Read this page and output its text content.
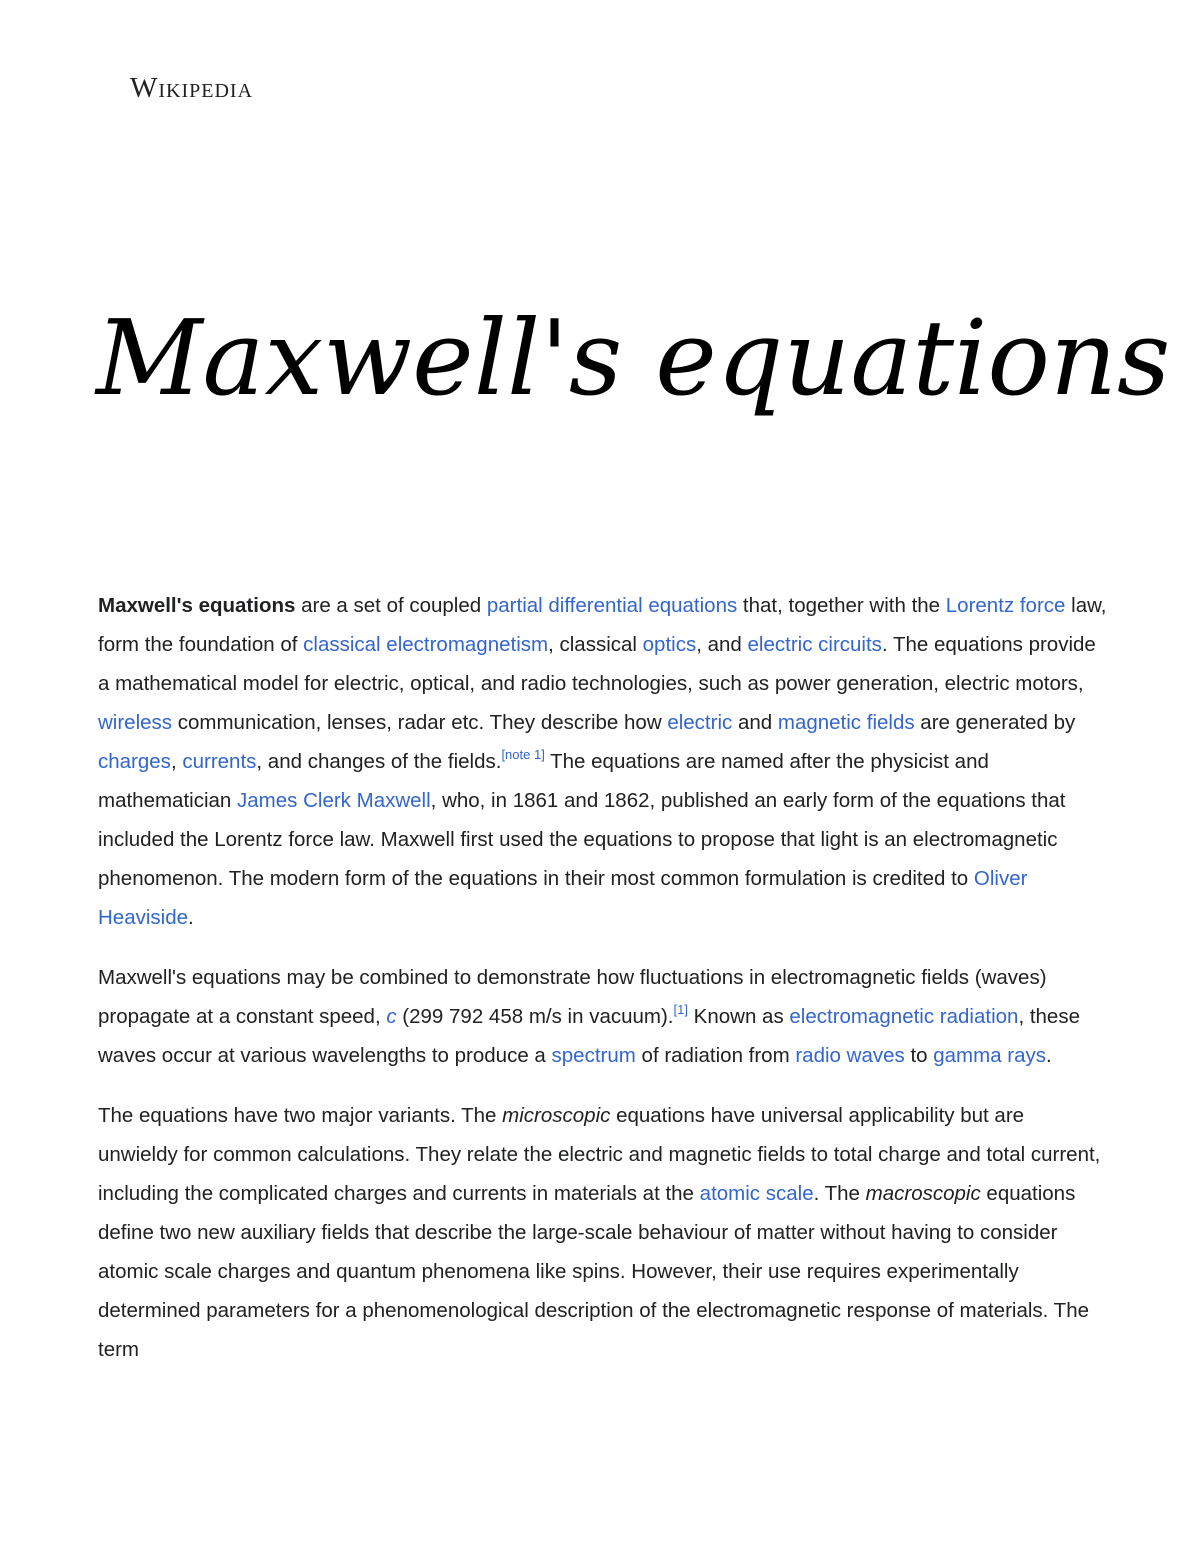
Wikipedia
Maxwell's equations

Maxwell's equations are a set of coupled partial differential equations that, together with the Lorentz force law, form the foundation of classical electromagnetism, classical optics, and electric circuits. The equations provide a mathematical model for electric, optical, and radio technologies, such as power generation, electric motors, wireless communication, lenses, radar etc. They describe how electric and magnetic fields are generated by charges, currents, and changes of the fields.[note 1] The equations are named after the physicist and mathematician James Clerk Maxwell, who, in 1861 and 1862, published an early form of the equations that included the Lorentz force law. Maxwell first used the equations to propose that light is an electromagnetic phenomenon. The modern form of the equations in their most common formulation is credited to Oliver Heaviside.

Maxwell's equations may be combined to demonstrate how fluctuations in electromagnetic fields (waves) propagate at a constant speed, c (299 792 458 m/s in vacuum).[1] Known as electromagnetic radiation, these waves occur at various wavelengths to produce a spectrum of radiation from radio waves to gamma rays.

The equations have two major variants. The microscopic equations have universal applicability but are unwieldy for common calculations. They relate the electric and magnetic fields to total charge and total current, including the complicated charges and currents in materials at the atomic scale. The macroscopic equations define two new auxiliary fields that describe the large-scale behaviour of matter without having to consider atomic scale charges and quantum phenomena like spins. However, their use requires experimentally determined parameters for a phenomenological description of the electromagnetic response of materials. The term
